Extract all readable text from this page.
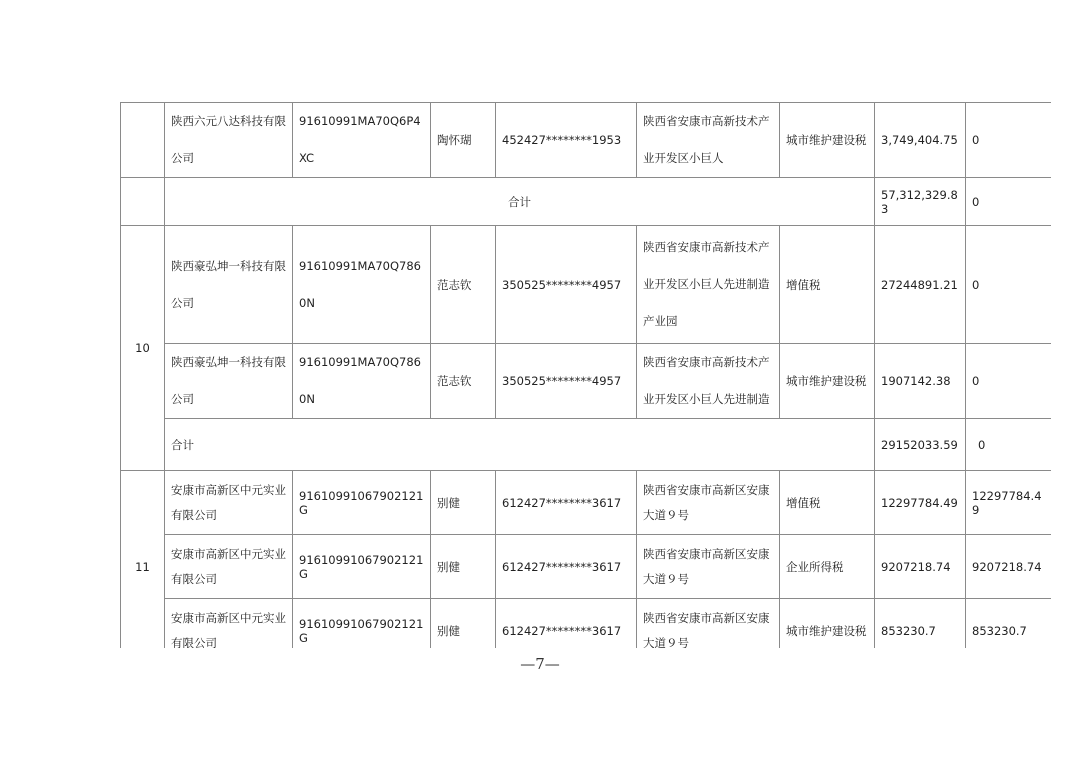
	陕西六元八达科技有限公司	91610991MA70Q6P4XC	陶怀瑚	452427********1953	陕西省安康市高新技术产业开发区小巨人	城市维护建设税	3,749,404.75	0
	合计						57,312,329.83	0
10	陕西豪弘坤一科技有限公司	91610991MA70Q7860N	范志钦	350525********4957	陕西省安康市高新技术产业开发区小巨人先进制造产业园	增值税	27244891.21	0
	陕西豪弘坤一科技有限公司	91610991MA70Q7860N	范志钦	350525********4957	陕西省安康市高新技术产业开发区小巨人先进制造	城市维护建设税	1907142.38	0
	合计						29152033.59	0
11	安康市高新区中元实业有限公司	91610991067902121G	别健	612427********3617	陕西省安康市高新区安康大道９号	增值税	12297784.49	12297784.49
	安康市高新区中元实业有限公司	91610991067902121G	别健	612427********3617	陕西省安康市高新区安康大道９号	企业所得税	9207218.74	9207218.74
	安康市高新区中元实业有限公司	91610991067902121G	别健	612427********3617	陕西省安康市高新区安康大道９号	城市维护建设税	853230.7	853230.7
—7—
